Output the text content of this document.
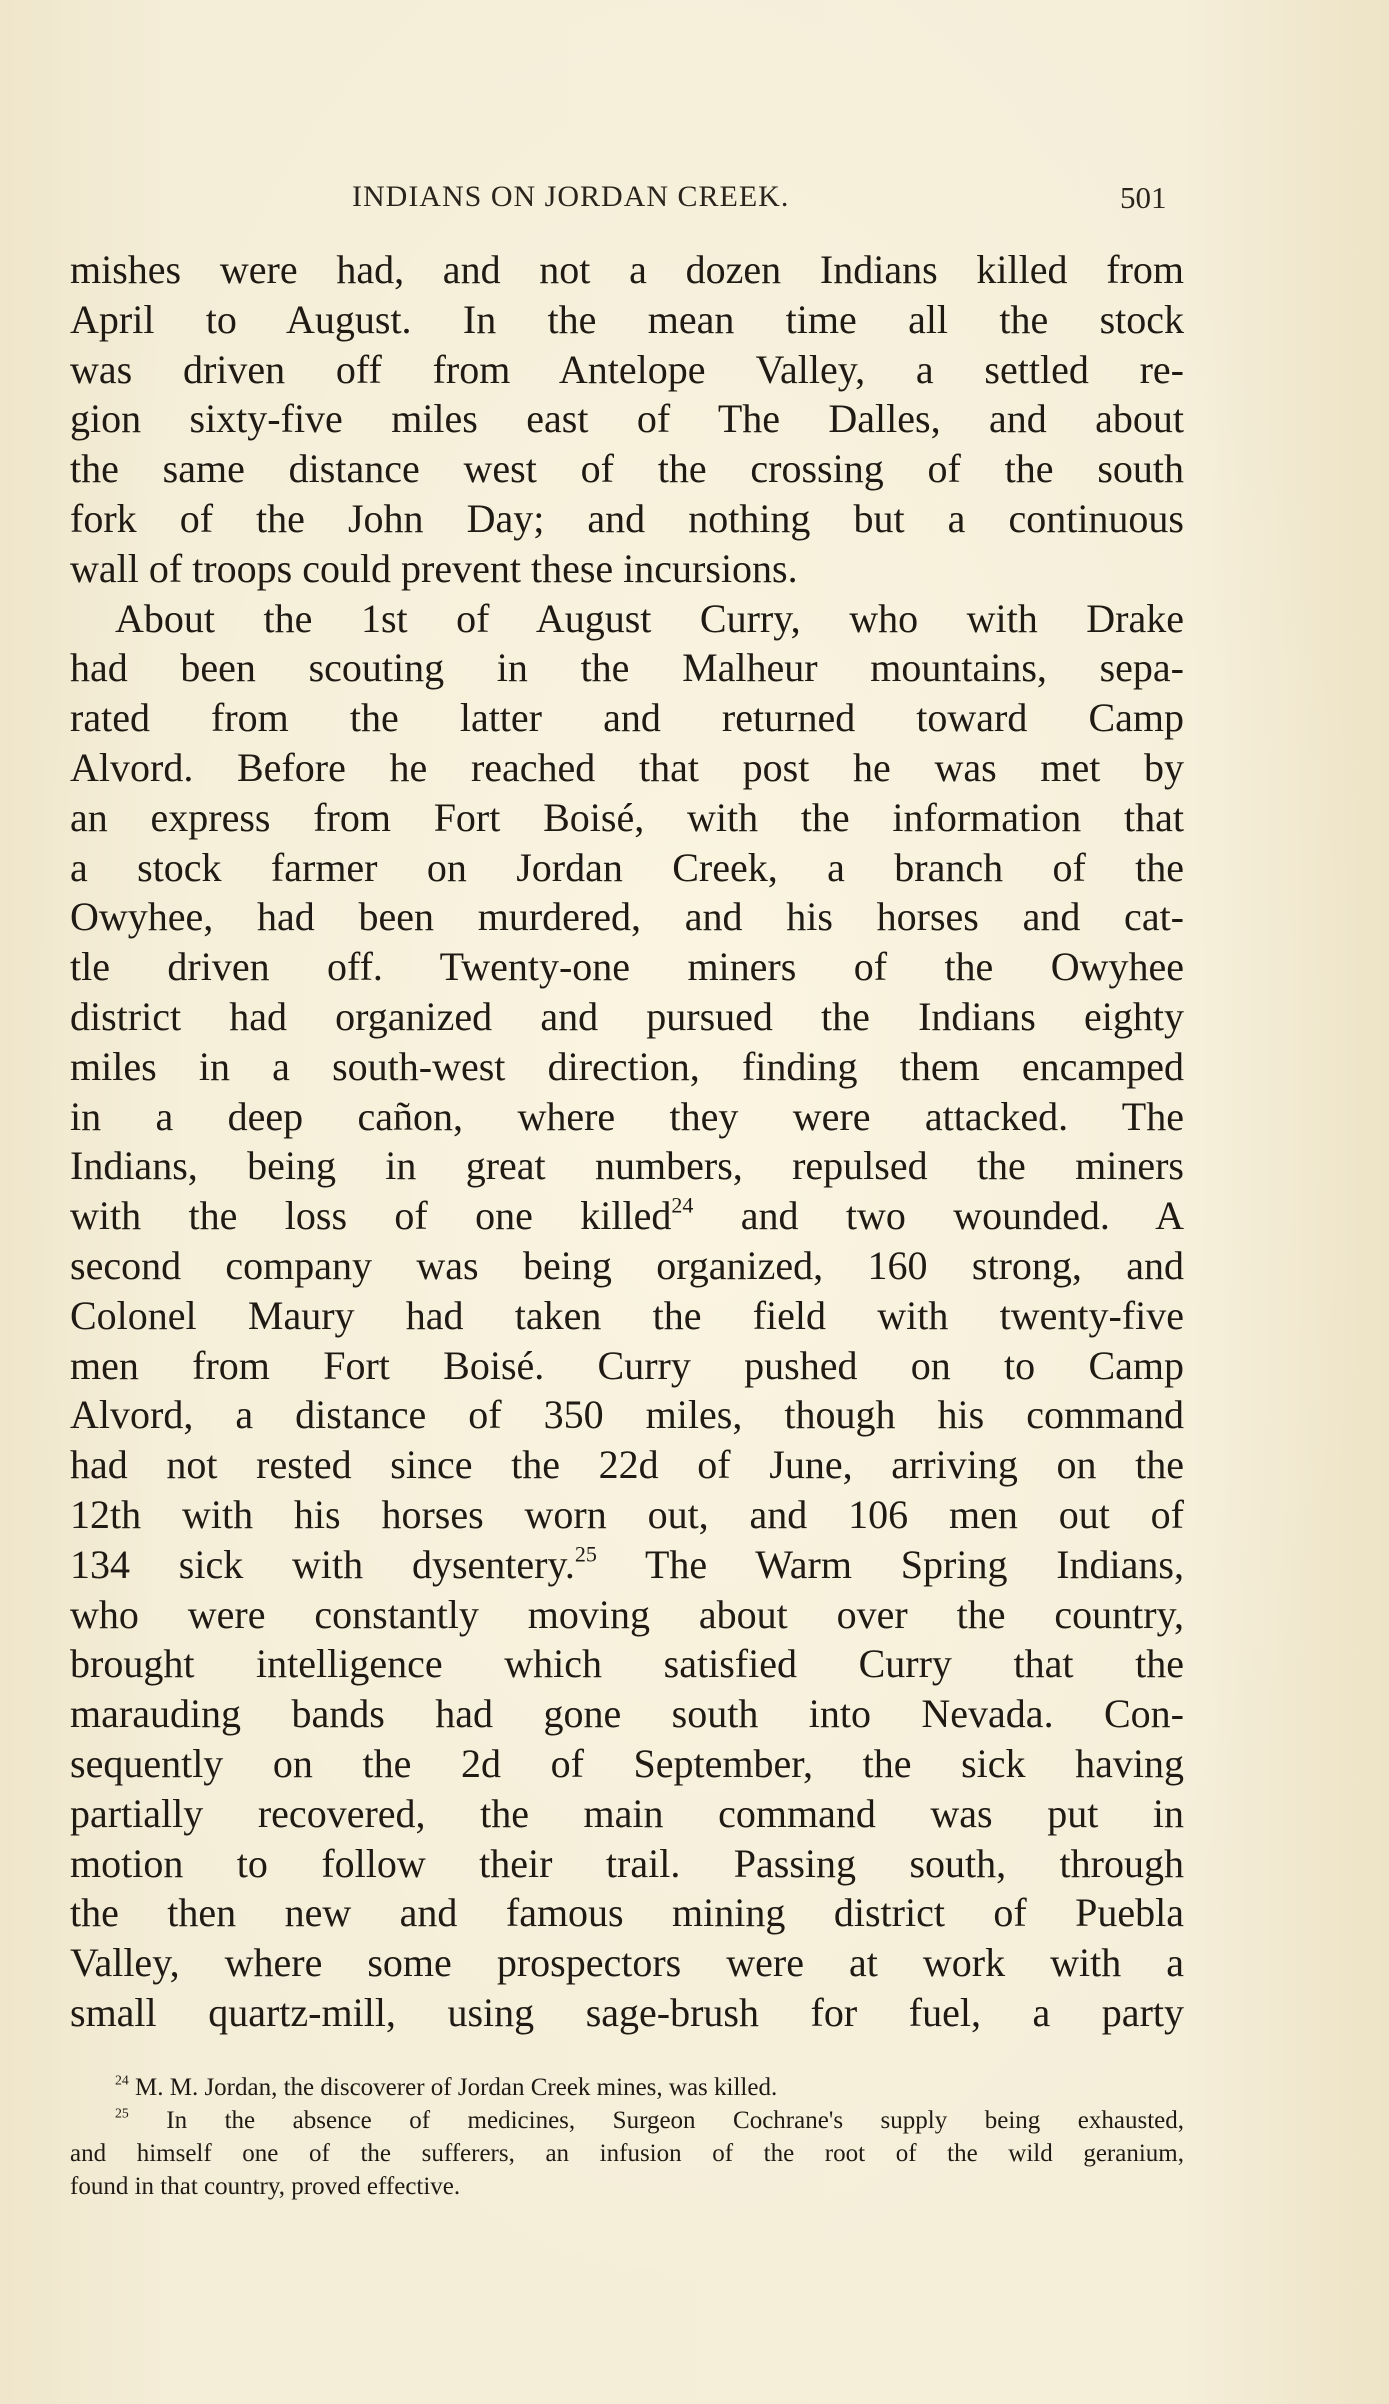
INDIANS ON JORDAN CREEK.	501
mishes were had, and not a dozen Indians killed from
April to August. In the mean time all the stock
was driven off from Antelope Valley, a settled re-
gion sixty-five miles east of The Dalles, and about
the same distance west of the crossing of the south
fork of the John Day; and nothing but a continuous
wall of troops could prevent these incursions.
About the 1st of August Curry, who with Drake
had been scouting in the Malheur mountains, sepa-
rated from the latter and returned toward Camp
Alvord. Before he reached that post he was met by
an express from Fort Boisé, with the information that
a stock farmer on Jordan Creek, a branch of the
Owyhee, had been murdered, and his horses and cat-
tle driven off. Twenty-one miners of the Owyhee
district had organized and pursued the Indians eighty
miles in a south-west direction, finding them encamped
in a deep cañon, where they were attacked. The
Indians, being in great numbers, repulsed the miners
with the loss of one killed$^{24}$ and two wounded. A
second company was being organized, 160 strong, and
Colonel Maury had taken the field with twenty-five
men from Fort Boisé. Curry pushed on to Camp
Alvord, a distance of 350 miles, though his command
had not rested since the 22d of June, arriving on the
12th with his horses worn out, and 106 men out of
134 sick with dysentery.$^{25}$ The Warm Spring Indians,
who were constantly moving about over the country,
brought intelligence which satisfied Curry that the
marauding bands had gone south into Nevada. Con-
sequently on the 2d of September, the sick having
partially recovered, the main command was put in
motion to follow their trail. Passing south, through
the then new and famous mining district of Puebla
Valley, where some prospectors were at work with a
small quartz-mill, using sage-brush for fuel, a party
$^{24}$ M. M. Jordan, the discoverer of Jordan Creek mines, was killed.
$^{25}$ In the absence of medicines, Surgeon Cochrane's supply being exhausted,
and himself one of the sufferers, an infusion of the root of the wild geranium,
found in that country, proved effective.
